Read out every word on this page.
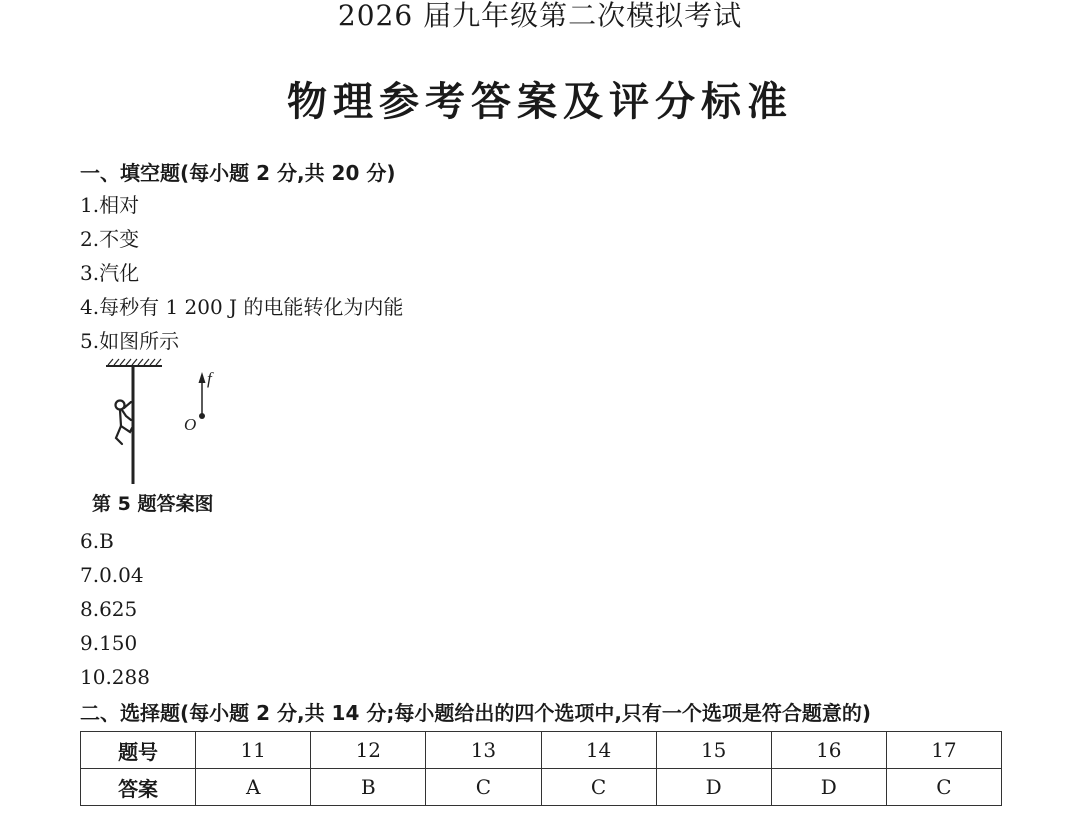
2026 届九年级第二次模拟考试
物理参考答案及评分标准
一、填空题(每小题 2 分,共 20 分)
1.相对
2.不变
3.汽化
4.每秒有 1 200 J 的电能转化为内能
5.如图所示
f
O
第 5 题答案图
6.B
7.0.04
8.625
9.150
10.288
二、选择题(每小题 2 分,共 14 分;每小题给出的四个选项中,只有一个选项是符合题意的)
题号	11	12	13	14	15	16	17
答案	A	B	C	C	D	D	C
